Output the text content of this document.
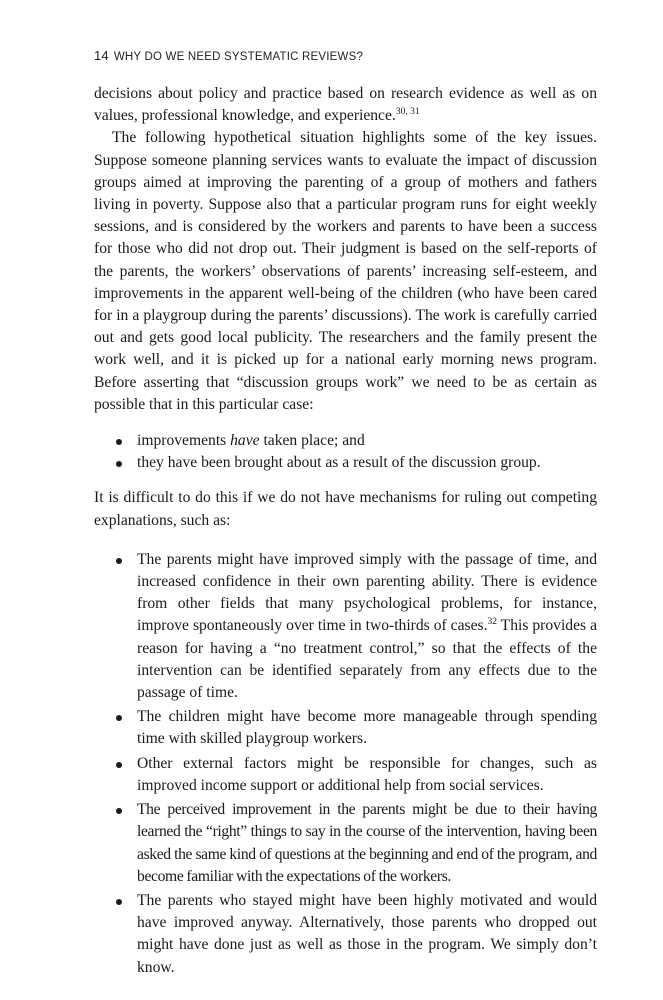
14 WHY DO WE NEED SYSTEMATIC REVIEWS?

decisions about policy and practice based on research evidence as well as on values, professional knowledge, and experience.$^{30, 31}$

The following hypothetical situation highlights some of the key issues. Suppose someone planning services wants to evaluate the impact of discussion groups aimed at improving the parenting of a group of mothers and fathers living in poverty. Suppose also that a particular program runs for eight weekly sessions, and is considered by the workers and parents to have been a success for those who did not drop out. Their judgment is based on the self-reports of the parents, the workers’ observations of parents’ increasing self-esteem, and improvements in the apparent well-being of the children (who have been cared for in a playgroup during the parents’ discussions). The work is carefully carried out and gets good local publicity. The researchers and the family present the work well, and it is picked up for a national early morning news program. Before asserting that “discussion groups work” we need to be as certain as possible that in this particular case:

improvements have taken place; and
they have been brought about as a result of the discussion group.

It is difficult to do this if we do not have mechanisms for ruling out competing explanations, such as:

The parents might have improved simply with the passage of time, and increased confidence in their own parenting ability. There is evidence from other fields that many psychological problems, for instance, improve spontaneously over time in two-thirds of cases.$^{32}$ This provides a reason for having a “no treatment control,” so that the effects of the intervention can be identified separately from any effects due to the passage of time.
The children might have become more manageable through spending time with skilled playgroup workers.
Other external factors might be responsible for changes, such as improved income support or additional help from social services.
The perceived improvement in the parents might be due to their having learned the “right” things to say in the course of the intervention, having been asked the same kind of questions at the beginning and end of the program, and become familiar with the expectations of the workers.
The parents who stayed might have been highly motivated and would have improved anyway. Alternatively, those parents who dropped out might have done just as well as those in the program. We simply don’t know.
